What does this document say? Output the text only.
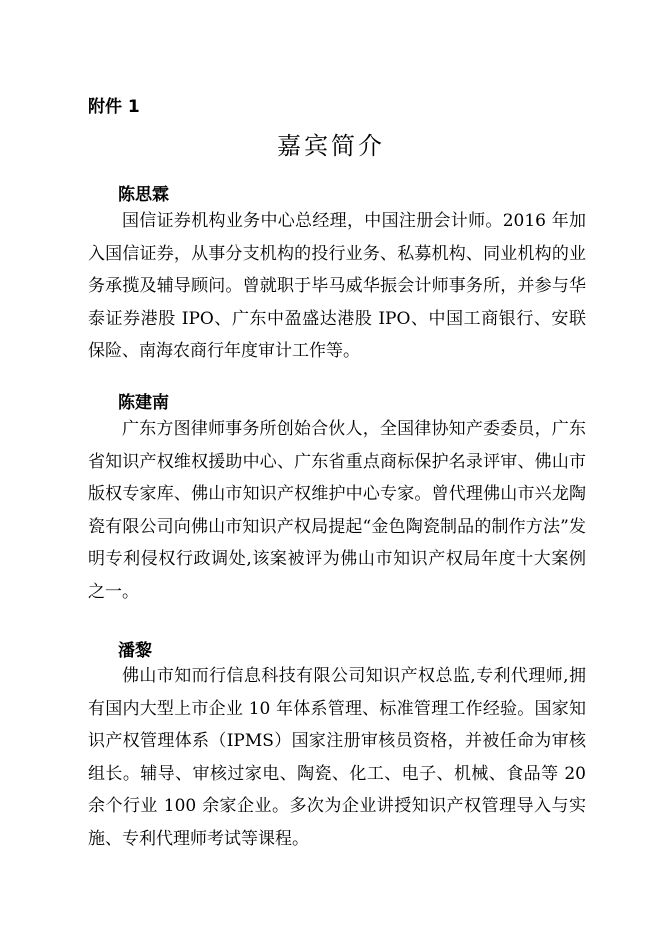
附件 1

嘉宾简介

陈思霖

国信证券机构业务中心总经理，中国注册会计师。2016 年加入国信证券，从事分支机构的投行业务、私募机构、同业机构的业务承揽及辅导顾问。曾就职于毕马威华振会计师事务所，并参与华泰证券港股 IPO、广东中盈盛达港股 IPO、中国工商银行、安联保险、南海农商行年度审计工作等。

陈建南

广东方图律师事务所创始合伙人，全国律协知产委委员，广东省知识产权维权援助中心、广东省重点商标保护名录评审、佛山市版权专家库、佛山市知识产权维护中心专家。曾代理佛山市兴龙陶瓷有限公司向佛山市知识产权局提起“金色陶瓷制品的制作方法”发明专利侵权行政调处,该案被评为佛山市知识产权局年度十大案例之一。

潘黎

佛山市知而行信息科技有限公司知识产权总监,专利代理师,拥有国内大型上市企业 10 年体系管理、标准管理工作经验。国家知识产权管理体系（IPMS）国家注册审核员资格，并被任命为审核组长。辅导、审核过家电、陶瓷、化工、电子、机械、食品等 20 余个行业 100 余家企业。多次为企业讲授知识产权管理导入与实施、专利代理师考试等课程。
